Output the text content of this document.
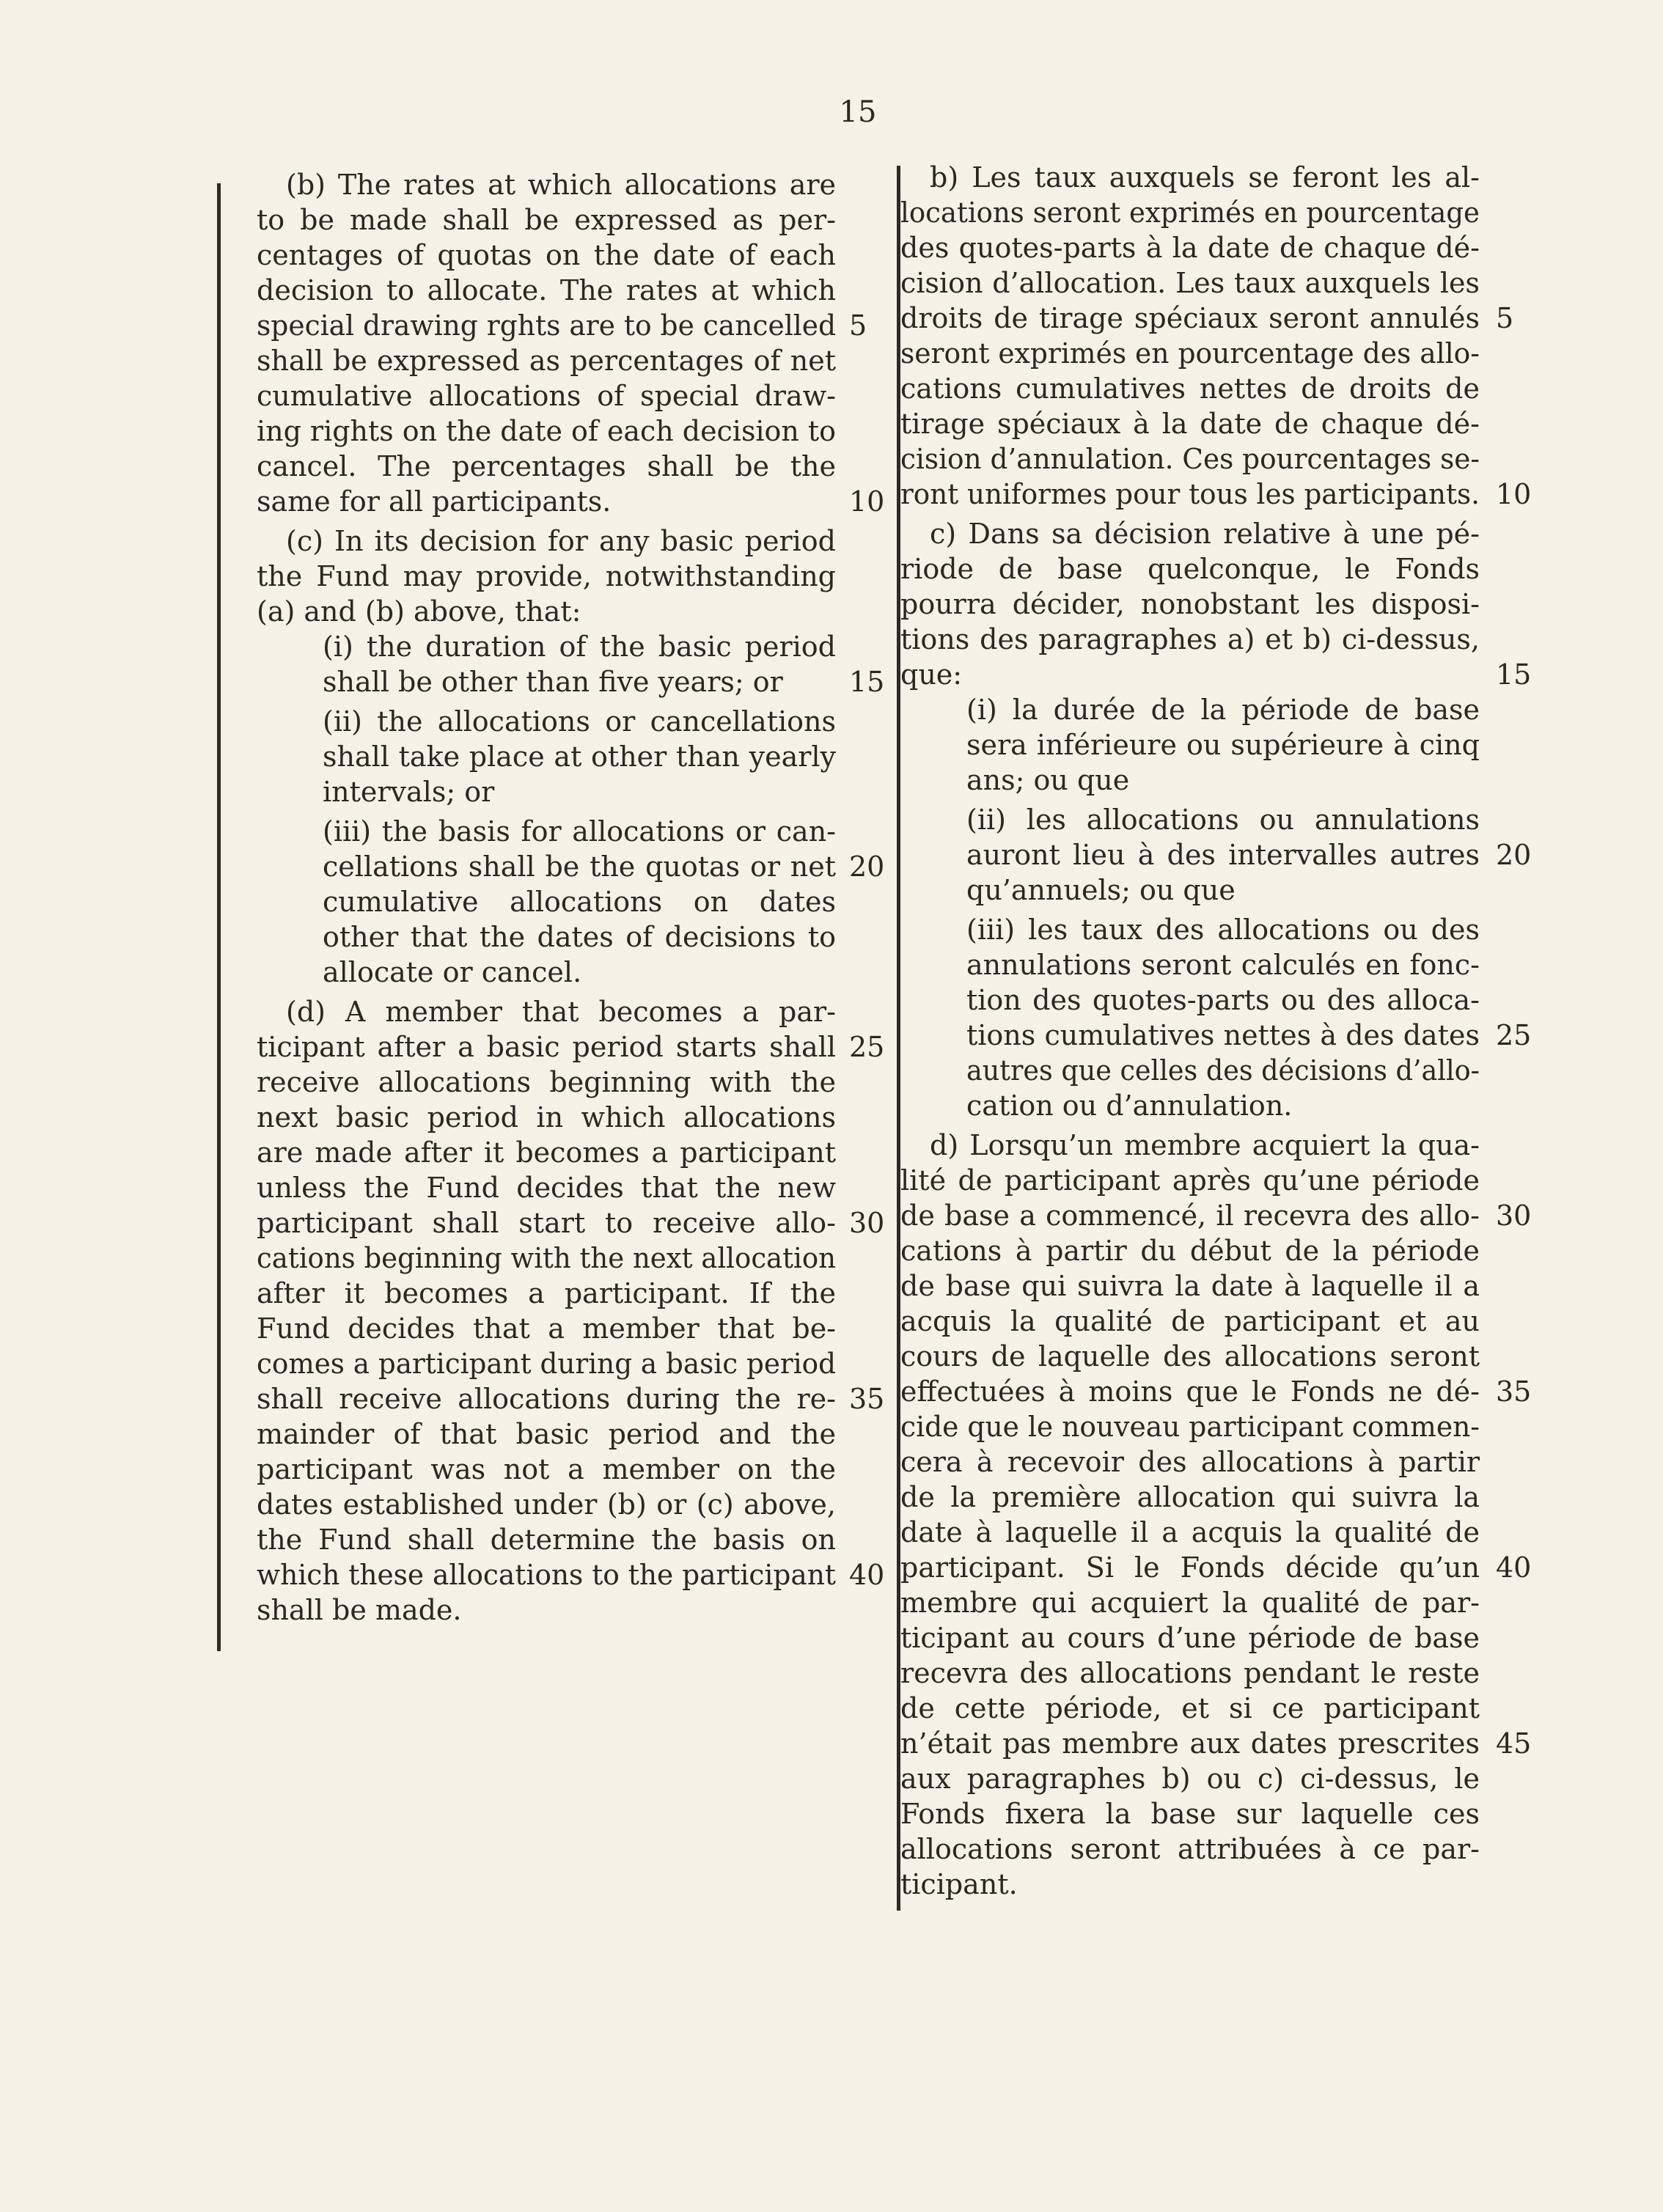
15
(b) The rates at which allocations are
to be made shall be expressed as per-
centages of quotas on the date of each
decision to allocate. The rates at which
special drawing rghts are to be cancelled 5
shall be expressed as percentages of net
cumulative allocations of special draw-
ing rights on the date of each decision to
cancel. The percentages shall be the
same for all participants.	10
(c) In its decision for any basic period
the Fund may provide, notwithstanding
(a) and (b) above, that:
(i) the duration of the basic period
shall be other than five years; or 15
(ii) the allocations or cancellations
shall take place at other than yearly
intervals; or
(iii) the basis for allocations or can-
cellations shall be the quotas or net 20
cumulative allocations on dates
other that the dates of decisions to
allocate or cancel.
(d) A member that becomes a par-
ticipant after a basic period starts shall 25
receive allocations beginning with the
next basic period in which allocations
are made after it becomes a participant
unless the Fund decides that the new
participant shall start to receive allo- 30
cations beginning with the next allocation
after it becomes a participant. If the
Fund decides that a member that be-
comes a participant during a basic period
shall receive allocations during the re- 35
mainder of that basic period and the
participant was not a member on the
dates established under (b) or (c) above,
the Fund shall determine the basis on
which these allocations to the participant 40
shall be made.
b) Les taux auxquels se feront les al-
locations seront exprimés en pourcentage
des quotes-parts à la date de chaque dé-
cision d’allocation. Les taux auxquels les
droits de tirage spéciaux seront annulés 5
seront exprimés en pourcentage des allo-
cations cumulatives nettes de droits de
tirage spéciaux à la date de chaque dé-
cision d’annulation. Ces pourcentages se-
ront uniformes pour tous les participants. 10
c) Dans sa décision relative à une pé-
riode de base quelconque, le Fonds
pourra décider, nonobstant les disposi-
tions des paragraphes a) et b) ci-dessus,
que:	15
(i) la durée de la période de base
sera inférieure ou supérieure à cinq
ans; ou que
(ii) les allocations ou annulations
auront lieu à des intervalles autres 20
qu’annuels; ou que
(iii) les taux des allocations ou des
annulations seront calculés en fonc-
tion des quotes-parts ou des alloca-
tions cumulatives nettes à des dates 25
autres que celles des décisions d’allo-
cation ou d’annulation.
d) Lorsqu’un membre acquiert la qua-
lité de participant après qu’une période
de base a commencé, il recevra des allo- 30
cations à partir du début de la période
de base qui suivra la date à laquelle il a
acquis la qualité de participant et au
cours de laquelle des allocations seront
effectuées à moins que le Fonds ne dé- 35
cide que le nouveau participant commen-
cera à recevoir des allocations à partir
de la première allocation qui suivra la
date à laquelle il a acquis la qualité de
participant. Si le Fonds décide qu’un 40
membre qui acquiert la qualité de par-
ticipant au cours d’une période de base
recevra des allocations pendant le reste
de cette période, et si ce participant
n’était pas membre aux dates prescrites 45
aux paragraphes b) ou c) ci-dessus, le
Fonds fixera la base sur laquelle ces
allocations seront attribuées à ce par-
ticipant.
